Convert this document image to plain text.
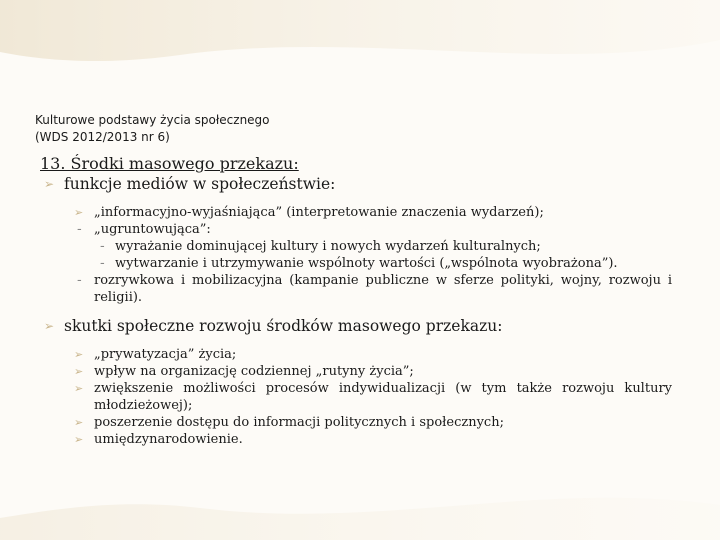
Kulturowe podstawy życia społecznego
(WDS 2012/2013 nr 6)
13. Środki masowego przekazu:
➢ funkcje mediów w społeczeństwie:
➢ „informacyjno-wyjaśniająca” (interpretowanie znaczenia wydarzeń);
- „ugruntowująca”:
- wyrażanie dominującej kultury i nowych wydarzeń kulturalnych;
- wytwarzanie i utrzymywanie wspólnoty wartości („wspólnota wyobrażona”).
- rozrywkowa i mobilizacyjna (kampanie publiczne w sferze polityki, wojny, rozwoju i religii).
➢ skutki społeczne rozwoju środków masowego przekazu:
➢ „prywatyzacja” życia;
➢ wpływ na organizację codziennej „rutyny życia”;
➢ zwiększenie możliwości procesów indywidualizacji (w tym także rozwoju kultury młodzieżowej);
➢ poszerzenie dostępu do informacji politycznych i społecznych;
➢ umiędzynarodowienie.
